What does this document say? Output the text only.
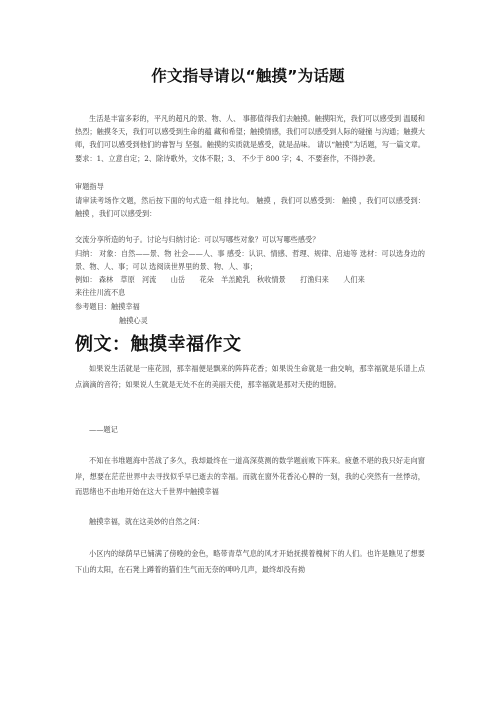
作文指导请以“触摸”为话题
生活是丰富多彩的，平凡的超凡的景、物、人、 事都值得我们去触摸。触摸阳光，我们可以感受到 温暖和热烈；触摸冬天，我们可以感受到生命的蕴 藏和希望；触摸情感，我们可以感受到人际的碰撞 与沟通；触摸大师，我们可以感受到他们的睿智与 坚强。触摸的实质就是感受，就是品味。 请以“触摸”为话题，写一篇文章。 要求：1、立意自定；2、除诗歌外，文体不限；3、 不少于 800 字；4、不要套作，不得抄袭。
审题指导
请审读考场作文题，然后按下面的句式造一组 排比句。 触摸 ，我们可以感受到： 触摸 ，我们可以感受到： 触摸 ，我们可以感受到：
交流分享所造的句子。讨论与归纳讨论：可以写哪些对象？可以写哪些感受？
归纳： 对象：自然——景、物 社会——人、事 感受：认识、情感、哲理、规律、启迪等 选材：可以选身边的景、物、人、事；可以 选阅读世界里的景、物、人、事；
例如： 森林　草原　河流　　山岳　　花朵　羊羔跪乳　秋收情景　　打渔归来　　人们来
来往往川流不息
参考题目：触摸幸福
触摸心灵
例文：触摸幸福作文
如果说生活就是一座花园，那幸福便是飘来的阵阵花香；如果说生命就是一曲交响，那幸福就是乐谱上点点滴滴的音符；如果说人生就是无处不在的美丽天使，那幸福就是那对天使的翅膀。
——题记
不知在书堆题海中苦战了多久，我却最终在一道高深莫测的数学题前败下阵来。疲惫不堪的我只好走向窗岸，想要在茫茫世界中去寻找似乎早已逝去的幸福。而就在窗外花香沁心脾的一刻，我的心突然有一丝悸动，而思绪也不由地开始在这大千世界中触摸幸福
触摸幸福，就在这美妙的自然之间：
小区内的绿荫早已铺满了傍晚的金色，略带青草气息的风才开始抚摸着槐树下的人们。也许是瞧见了想要下山的太阳，在石凳上蹲着的猫们生气而无奈的呻吟几声，最终却没有拗
